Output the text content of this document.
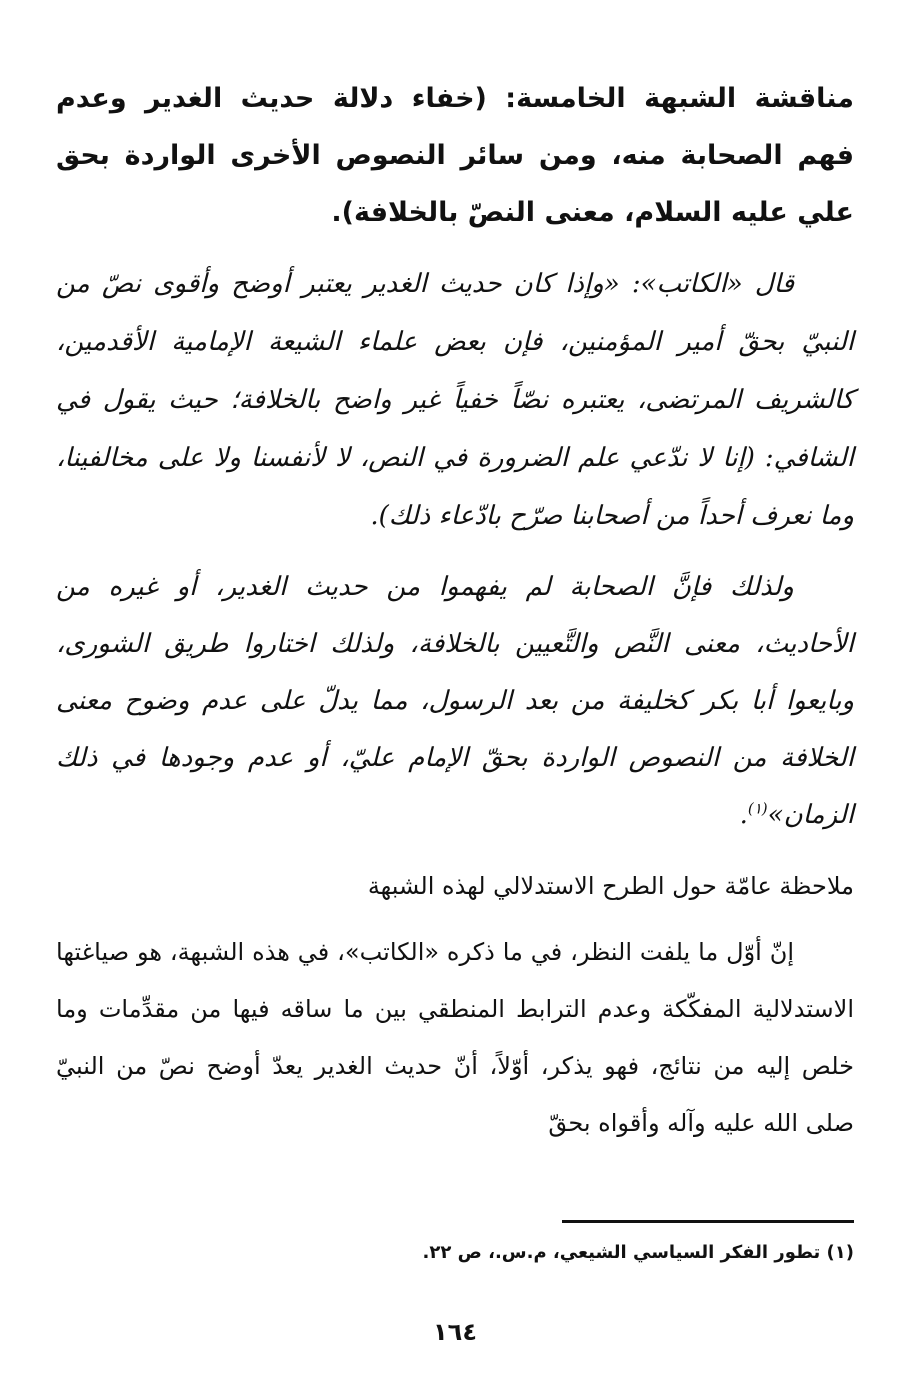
مناقشة الشبهة الخامسة: (خفاء دلالة حديث الغدير وعدم فهم الصحابة منه، ومن سائر النصوص الأخرى الواردة بحق علي عليه السلام، معنى النصّ بالخلافة).

قال «الكاتب»: «وإذا كان حديث الغدير يعتبر أوضح وأقوى نصّ من النبيّ بحقّ أمير المؤمنين، فإن بعض علماء الشيعة الإمامية الأقدمين، كالشريف المرتضى، يعتبره نصّاً خفياً غير واضح بالخلافة؛ حيث يقول في الشافي: (إنا لا ندّعي علم الضرورة في النص، لا لأنفسنا ولا على مخالفينا، وما نعرف أحداً من أصحابنا صرّح بادّعاء ذلك).

ولذلك فإنَّ الصحابة لم يفهموا من حديث الغدير، أو غيره من الأحاديث، معنى النَّص والتَّعيين بالخلافة، ولذلك اختاروا طريق الشورى، وبايعوا أبا بكر كخليفة من بعد الرسول، مما يدلّ على عدم وضوح معنى الخلافة من النصوص الواردة بحقّ الإمام عليّ، أو عدم وجودها في ذلك الزمان»$^{(١)}$.

ملاحظة عامّة حول الطرح الاستدلالي لهذه الشبهة

إنّ أوّل ما يلفت النظر، في ما ذكره «الكاتب»، في هذه الشبهة، هو صياغتها الاستدلالية المفكّكة وعدم الترابط المنطقي بين ما ساقه فيها من مقدِّمات وما خلص إليه من نتائج، فهو يذكر، أوّلاً، أنّ حديث الغدير يعدّ أوضح نصّ من النبيّ صلى الله عليه وآله وأقواه بحقّ

(١) تطور الفكر السياسي الشيعي، م.س.، ص ٢٢.
١٦٤
